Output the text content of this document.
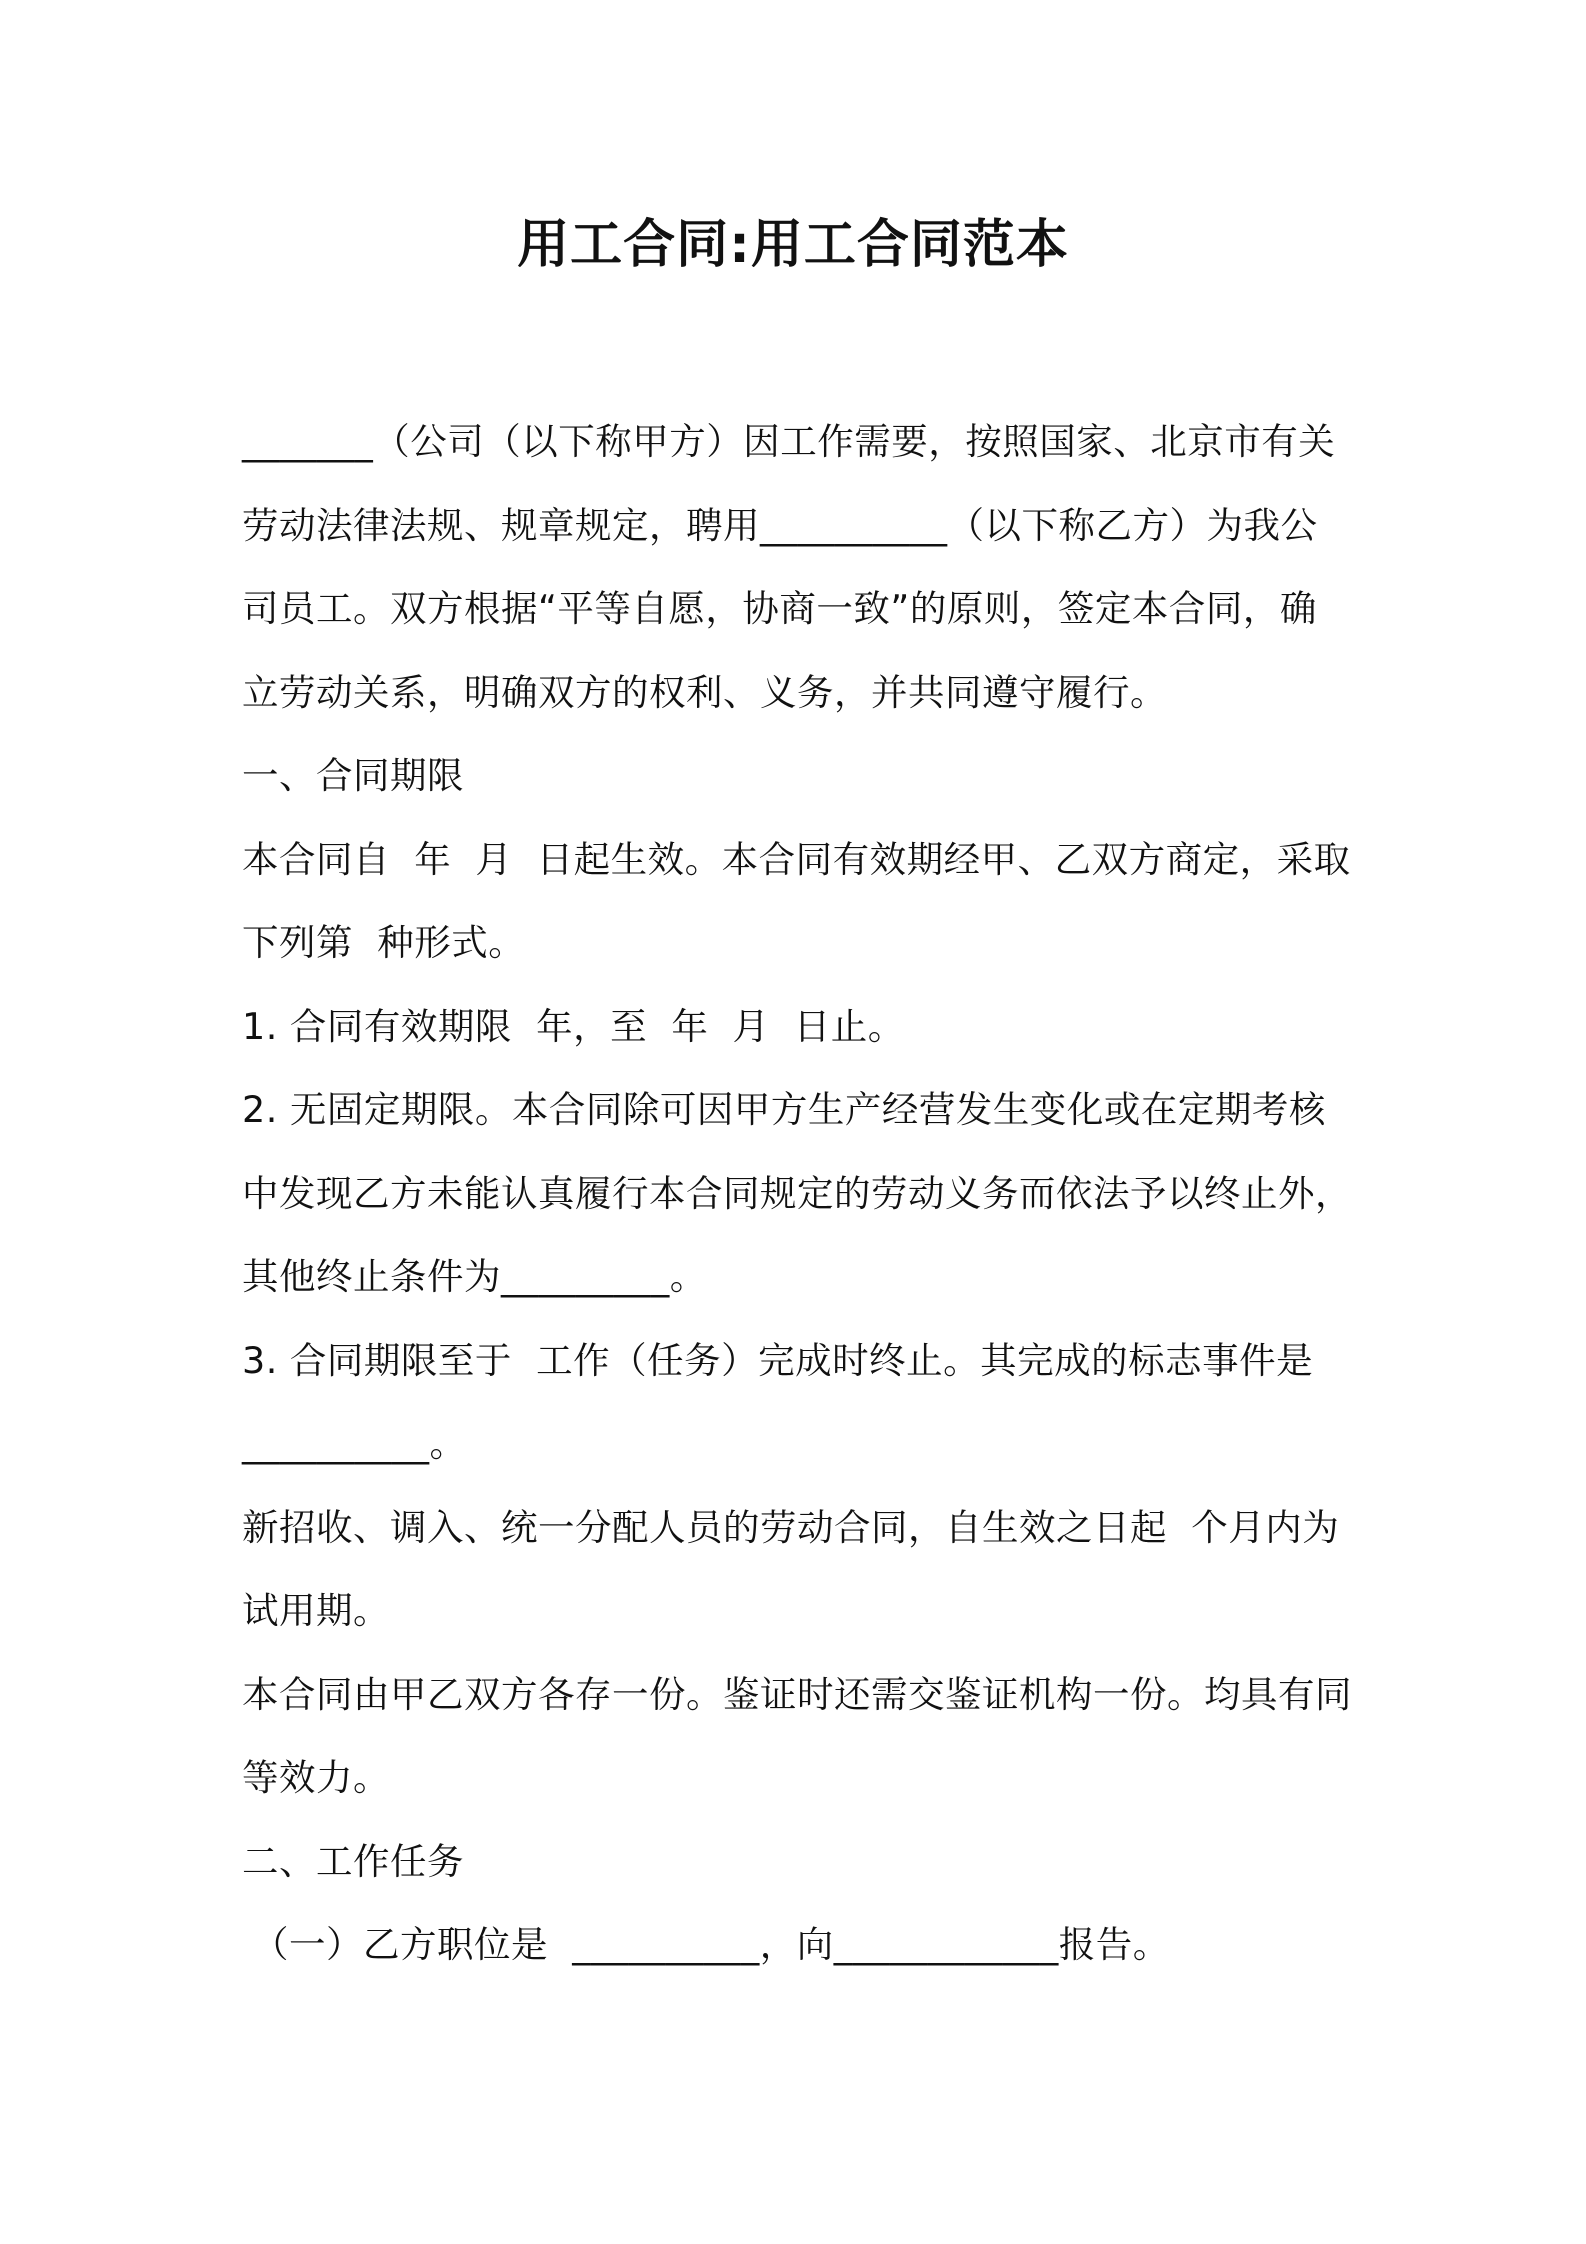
用工合同:用工合同范本
_______（公司（以下称甲方）因工作需要，按照国家、北京市有关
劳动法律法规、规章规定，聘用__________（以下称乙方）为我公
司员工。双方根据“平等自愿，协商一致”的原则，签定本合同，确
立劳动关系，明确双方的权利、义务，并共同遵守履行。
一、合同期限
本合同自  年  月  日起生效。本合同有效期经甲、乙双方商定，采取
下列第  种形式。
1. 合同有效期限  年，至  年  月  日止。
2. 无固定期限。本合同除可因甲方生产经营发生变化或在定期考核
中发现乙方未能认真履行本合同规定的劳动义务而依法予以终止外，
其他终止条件为_________。
3. 合同期限至于  工作（任务）完成时终止。其完成的标志事件是
__________。
新招收、调入、统一分配人员的劳动合同，自生效之日起  个月内为
试用期。
本合同由甲乙双方各存一份。鉴证时还需交鉴证机构一份。均具有同
等效力。
二、工作任务
（一）乙方职位是  __________，向____________报告。
